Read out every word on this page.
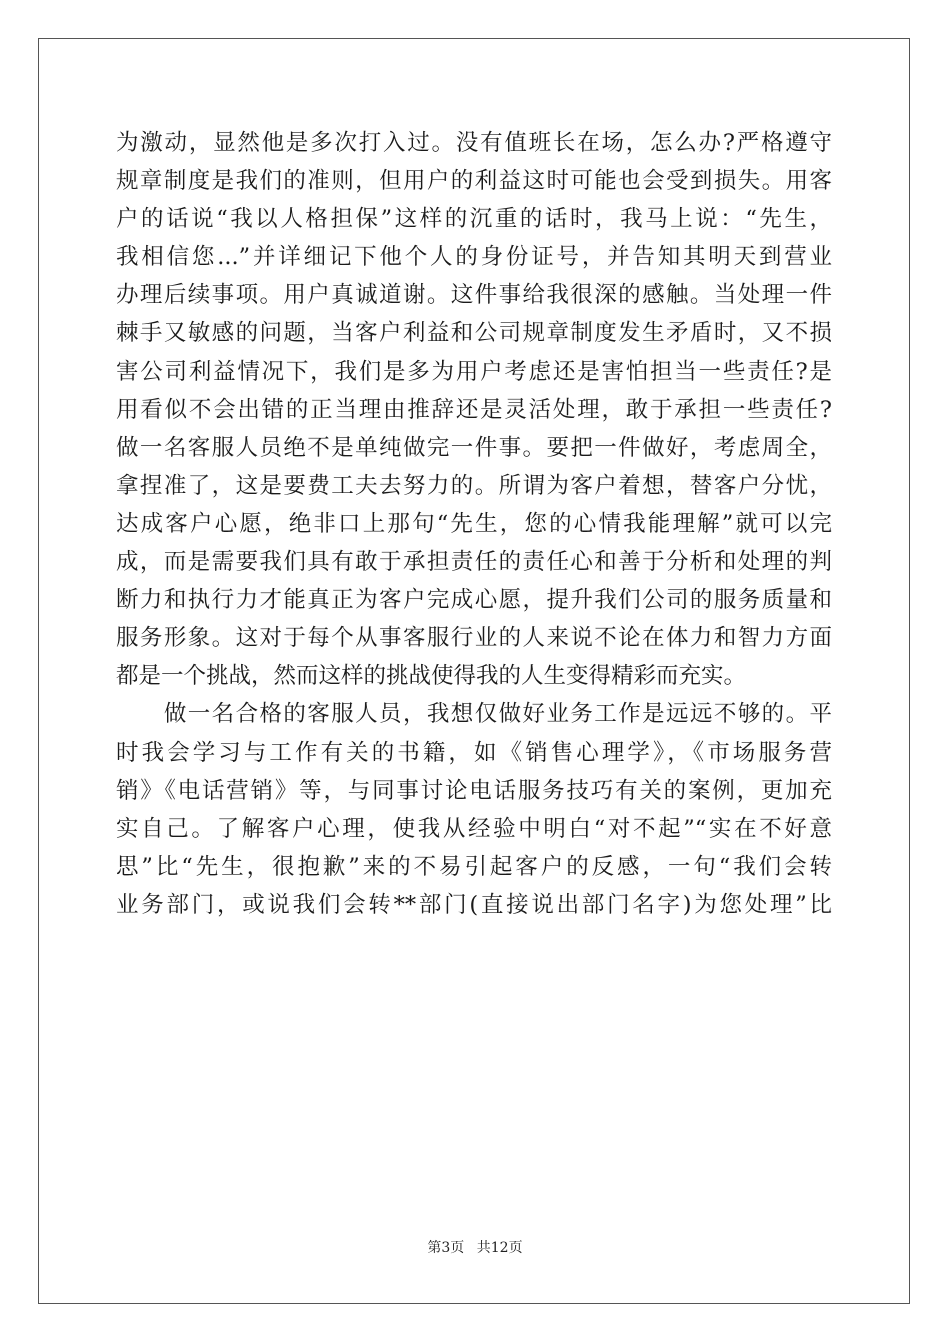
为激动，显然他是多次打入过。没有值班长在场，怎么办?严格遵守
规章制度是我们的准则，但用户的利益这时可能也会受到损失。用客
户的话说“我以人格担保”这样的沉重的话时，我马上说：“先生，
我相信您...”并详细记下他个人的身份证号，并告知其明天到营业
办理后续事项。用户真诚道谢。这件事给我很深的感触。当处理一件
棘手又敏感的问题，当客户利益和公司规章制度发生矛盾时，又不损
害公司利益情况下，我们是多为用户考虑还是害怕担当一些责任?是
用看似不会出错的正当理由推辞还是灵活处理，敢于承担一些责任?
做一名客服人员绝不是单纯做完一件事。要把一件做好，考虑周全，
拿捏准了，这是要费工夫去努力的。所谓为客户着想，替客户分忧，
达成客户心愿，绝非口上那句“先生，您的心情我能理解”就可以完
成，而是需要我们具有敢于承担责任的责任心和善于分析和处理的判
断力和执行力才能真正为客户完成心愿，提升我们公司的服务质量和
服务形象。这对于每个从事客服行业的人来说不论在体力和智力方面
都是一个挑战，然而这样的挑战使得我的人生变得精彩而充实。
　　做一名合格的客服人员，我想仅做好业务工作是远远不够的。平
时我会学习与工作有关的书籍，如《销售心理学》，《市场服务营
销》《电话营销》等，与同事讨论电话服务技巧有关的案例，更加充
实自己。了解客户心理，使我从经验中明白“对不起”“实在不好意
思”比“先生，很抱歉”来的不易引起客户的反感，一句“我们会转
业务部门，或说我们会转**部门(直接说出部门名字)为您处理”比
第3页 共12页
